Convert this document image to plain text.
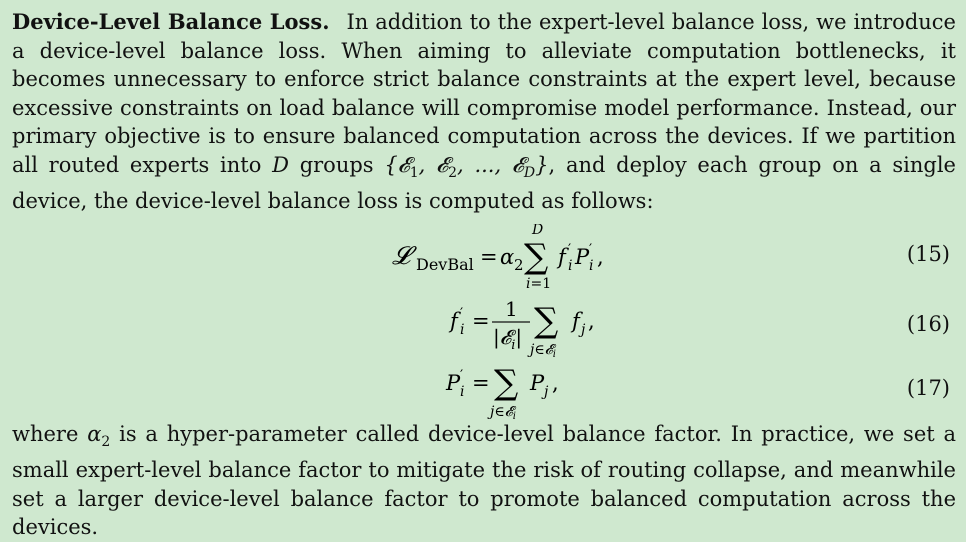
Device-Level Balance Loss. In addition to the expert-level balance loss, we introduce a device-level balance loss. When aiming to alleviate computation bottlenecks, it becomes unnecessary to enforce strict balance constraints at the expert level, because excessive constraints on load balance will compromise model performance. Instead, our primary objective is to ensure balanced computation across the devices. If we partition all routed experts into D groups {𝓔$_1$, 𝓔$_2$, ..., 𝓔$_D$}, and deploy each group on a single device, the device-level balance loss is computed as follows:

𝓛 DevBal = α 2 ∑
D
i=1
f ′
i P ′
i ,	(15)
f ′
i = 1
|𝓔$_i$| ∑
j∈𝓔$_i$
f j ,	(16)
P ′
i = ∑
j∈𝓔$_i$
P j ,	(17)

where $\alpha_2$ is a hyper-parameter called device-level balance factor. In practice, we set a small expert-level balance factor to mitigate the risk of routing collapse, and meanwhile set a larger device-level balance factor to promote balanced computation across the devices.
